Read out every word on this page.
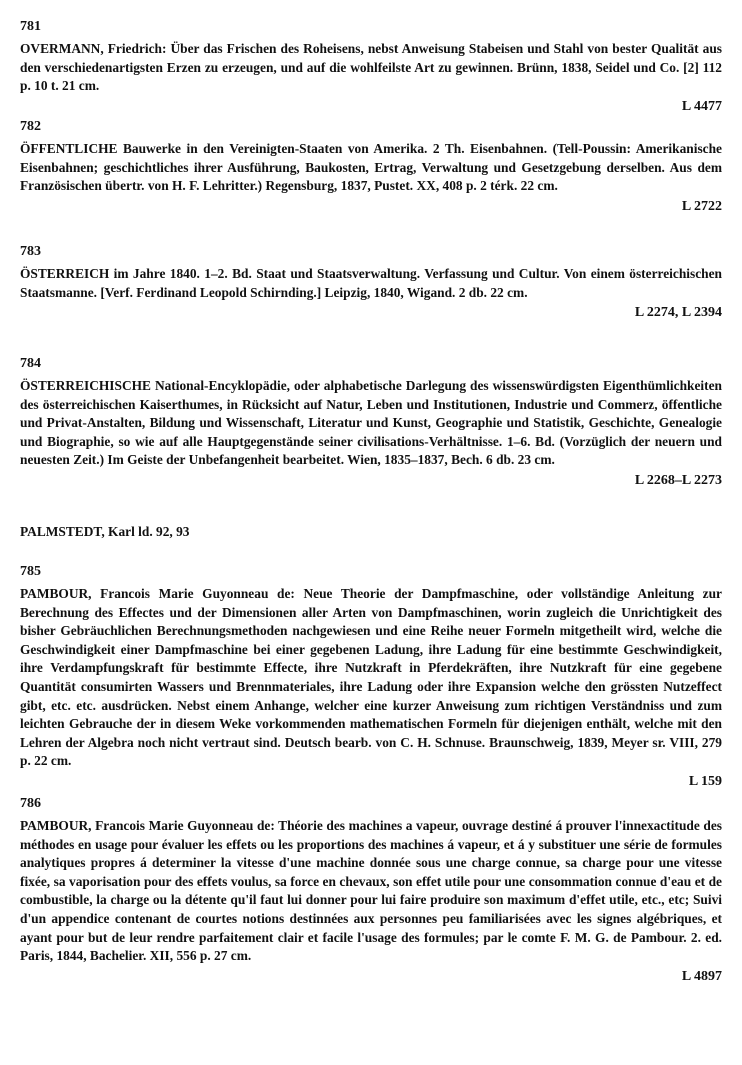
781

OVERMANN, Friedrich: Über das Frischen des Roheisens, nebst Anweisung Stabeisen und Stahl von bester Qualität aus den verschiedenartigsten Erzen zu erzeugen, und auf die wohlfeilste Art zu gewinnen. Brünn, 1838, Seidel und Co. [2] 112 p. 10 t. 21 cm.

L 4477
782

ÖFFENTLICHE Bauwerke in den Vereinigten-Staaten von Amerika. 2 Th. Eisenbahnen. (Tell-Poussin: Amerikanische Eisenbahnen; geschichtliches ihrer Ausführung, Baukosten, Ertrag, Verwaltung und Gesetzgebung derselben. Aus dem Französischen übertr. von H. F. Lehritter.) Regensburg, 1837, Pustet. XX, 408 p. 2 térk. 22 cm.

L 2722
783

ÖSTERREICH im Jahre 1840. 1–2. Bd. Staat und Staatsverwaltung. Verfassung und Cultur. Von einem österreichischen Staatsmanne. [Verf. Ferdinand Leopold Schirnding.] Leipzig, 1840, Wigand. 2 db. 22 cm.

L 2274, L 2394
784

ÖSTERREICHISCHE National-Encyklopädie, oder alphabetische Darlegung des wissenswürdigsten Eigenthümlichkeiten des österreichischen Kaiserthumes, in Rücksicht auf Natur, Leben und Institutionen, Industrie und Commerz, öffentliche und Privat-Anstalten, Bildung und Wissenschaft, Literatur und Kunst, Geographie und Statistik, Geschichte, Genealogie und Biographie, so wie auf alle Hauptgegenstände seiner civilisations-Verhältnisse. 1–6. Bd. (Vorzüglich der neuern und neuesten Zeit.) Im Geiste der Unbefangenheit bearbeitet. Wien, 1835–1837, Bech. 6 db. 23 cm.

L 2268–L 2273

PALMSTEDT, Karl ld. 92, 93

785

PAMBOUR, Francois Marie Guyonneau de: Neue Theorie der Dampfmaschine, oder vollständige Anleitung zur Berechnung des Effectes und der Dimensionen aller Arten von Dampfmaschinen, worin zugleich die Unrichtigkeit des bisher Gebräuchlichen Berechnungsmethoden nachgewiesen und eine Reihe neuer Formeln mitgetheilt wird, welche die Geschwindigkeit einer Dampfmaschine bei einer gegebenen Ladung, ihre Ladung für eine bestimmte Geschwindigkeit, ihre Verdampfungskraft für bestimmte Effecte, ihre Nutzkraft in Pferdekräften, ihre Nutzkraft für eine gegebene Quantität consumirten Wassers und Brennmateriales, ihre Ladung oder ihre Expansion welche den grössten Nutzeffect gibt, etc. etc. ausdrücken. Nebst einem Anhange, welcher eine kurzer Anweisung zum richtigen Verständniss und zum leichten Gebrauche der in diesem Weke vorkommenden mathematischen Formeln für diejenigen enthält, welche mit den Lehren der Algebra noch nicht vertraut sind. Deutsch bearb. von C. H. Schnuse. Braunschweig, 1839, Meyer sr. VIII, 279 p. 22 cm.

L 159
786

PAMBOUR, Francois Marie Guyonneau de: Théorie des machines a vapeur, ouvrage destiné á prouver l'innexactitude des méthodes en usage pour évaluer les effets ou les proportions des machines á vapeur, et á y substituer une série de formules analytiques propres á determiner la vitesse d'une machine donnée sous une charge connue, sa charge pour une vitesse fixée, sa vaporisation pour des effets voulus, sa force en chevaux, son effet utile pour une consommation connue d'eau et de combustible, la charge ou la détente qu'il faut lui donner pour lui faire produire son maximum d'effet utile, etc., etc; Suivi d'un appendice contenant de courtes notions destinnées aux personnes peu familiarisées avec les signes algébriques, et ayant pour but de leur rendre parfaitement clair et facile l'usage des formules; par le comte F. M. G. de Pambour. 2. ed. Paris, 1844, Bachelier. XII, 556 p. 27 cm.

L 4897
